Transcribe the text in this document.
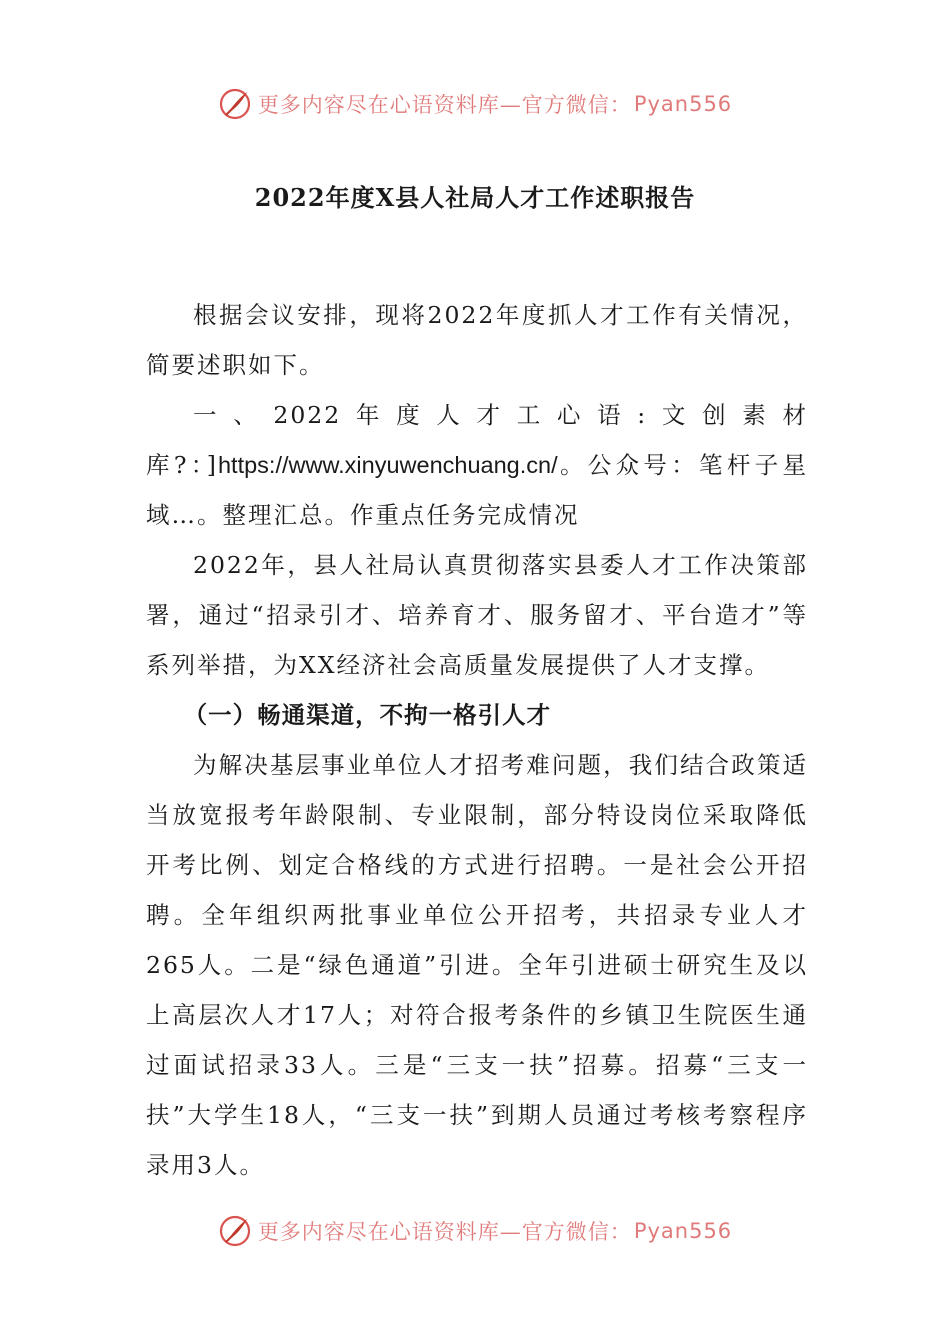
更多内容尽在心语资料库—官方微信： Pyan556
2022年度X县人社局人才工作述职报告

根据会议安排，现将2022年度抓人才工作有关情况，简要述职如下。

一、2022年度人才工心语:文创素材库?：]https://www.xinyuwenchuang.cn/。公众号：笔杆子星域…。整理汇总。作重点任务完成情况

2022年，县人社局认真贯彻落实县委人才工作决策部署，通过“招录引才、培养育才、服务留才、平台造才”等系列举措，为XX经济社会高质量发展提供了人才支撑。

（一）畅通渠道，不拘一格引人才

为解决基层事业单位人才招考难问题，我们结合政策适当放宽报考年龄限制、专业限制，部分特设岗位采取降低开考比例、划定合格线的方式进行招聘。一是社会公开招聘。全年组织两批事业单位公开招考，共招录专业人才265人。二是“绿色通道”引进。全年引进硕士研究生及以上高层次人才17人；对符合报考条件的乡镇卫生院医生通过面试招录33人。三是“三支一扶”招募。招募“三支一扶”大学生18人，“三支一扶”到期人员通过考核考察程序录用3人。

更多内容尽在心语资料库—官方微信： Pyan556
